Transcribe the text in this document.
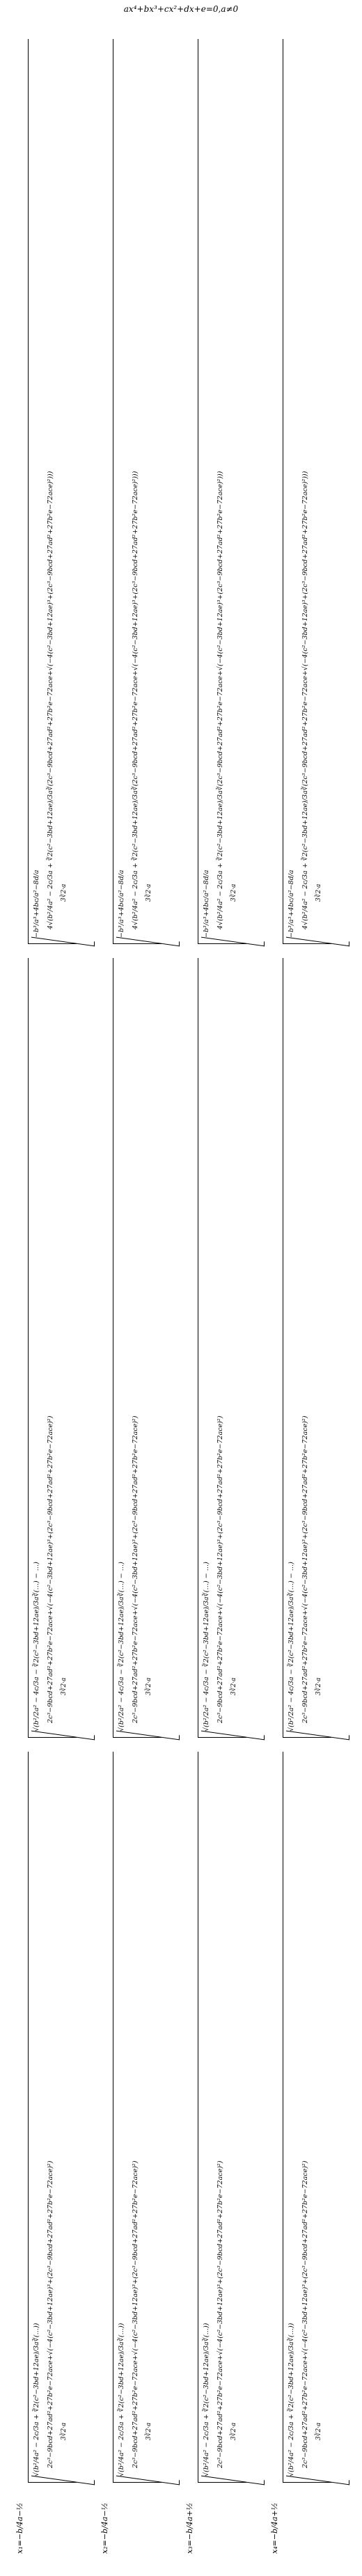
ax⁴+bx³+cx²+dx+e=0,a≠0
x₁=−b/4a−½
√(b²/4a² − 2c/3a + ∛2(c²−3bd+12ae)/3a∛(…)) 2c³−9bcd+27ad²+27b²e−72ace+√(−4(c²−3bd+12ae)³+(2c³−9bcd+27ad²+27b²e−72ace)²) 3∛2·a
√(b²/2a² − 4c/3a − ∛2(c²−3bd+12ae)/3a∛(…) − …) 2c³−9bcd+27ad²+27b²e−72ace+√(−4(c²−3bd+12ae)³+(2c³−9bcd+27ad²+27b²e−72ace)²) 3∛2·a
−b³/a³+4bc/a²−8d/a 4√(b²/4a² − 2c/3a + ∛2(c²−3bd+12ae)/3a∛(2c³−9bcd+27ad²+27b²e−72ace+√(−4(c²−3bd+12ae)³+(2c³−9bcd+27ad²+27b²e−72ace)²))) 3∛2·a
x₂=−b/4a−½
√(b²/4a² − 2c/3a + ∛2(c²−3bd+12ae)/3a∛(…)) 2c³−9bcd+27ad²+27b²e−72ace+√(−4(c²−3bd+12ae)³+(2c³−9bcd+27ad²+27b²e−72ace)²) 3∛2·a
√(b²/2a² − 4c/3a − ∛2(c²−3bd+12ae)/3a∛(…) − …) 2c³−9bcd+27ad²+27b²e−72ace+√(−4(c²−3bd+12ae)³+(2c³−9bcd+27ad²+27b²e−72ace)²) 3∛2·a
−b³/a³+4bc/a²−8d/a 4√(b²/4a² − 2c/3a + ∛2(c²−3bd+12ae)/3a∛(2c³−9bcd+27ad²+27b²e−72ace+√(−4(c²−3bd+12ae)³+(2c³−9bcd+27ad²+27b²e−72ace)²))) 3∛2·a
x₃=−b/4a+½
√(b²/4a² − 2c/3a + ∛2(c²−3bd+12ae)/3a∛(…)) 2c³−9bcd+27ad²+27b²e−72ace+√(−4(c²−3bd+12ae)³+(2c³−9bcd+27ad²+27b²e−72ace)²) 3∛2·a
√(b²/2a² − 4c/3a − ∛2(c²−3bd+12ae)/3a∛(…) − …) 2c³−9bcd+27ad²+27b²e−72ace+√(−4(c²−3bd+12ae)³+(2c³−9bcd+27ad²+27b²e−72ace)²) 3∛2·a
−b³/a³+4bc/a²−8d/a 4√(b²/4a² − 2c/3a + ∛2(c²−3bd+12ae)/3a∛(2c³−9bcd+27ad²+27b²e−72ace+√(−4(c²−3bd+12ae)³+(2c³−9bcd+27ad²+27b²e−72ace)²))) 3∛2·a
x₄=−b/4a+½
√(b²/4a² − 2c/3a + ∛2(c²−3bd+12ae)/3a∛(…)) 2c³−9bcd+27ad²+27b²e−72ace+√(−4(c²−3bd+12ae)³+(2c³−9bcd+27ad²+27b²e−72ace)²) 3∛2·a
√(b²/2a² − 4c/3a − ∛2(c²−3bd+12ae)/3a∛(…) − …) 2c³−9bcd+27ad²+27b²e−72ace+√(−4(c²−3bd+12ae)³+(2c³−9bcd+27ad²+27b²e−72ace)²) 3∛2·a
−b³/a³+4bc/a²−8d/a 4√(b²/4a² − 2c/3a + ∛2(c²−3bd+12ae)/3a∛(2c³−9bcd+27ad²+27b²e−72ace+√(−4(c²−3bd+12ae)³+(2c³−9bcd+27ad²+27b²e−72ace)²))) 3∛2·a
